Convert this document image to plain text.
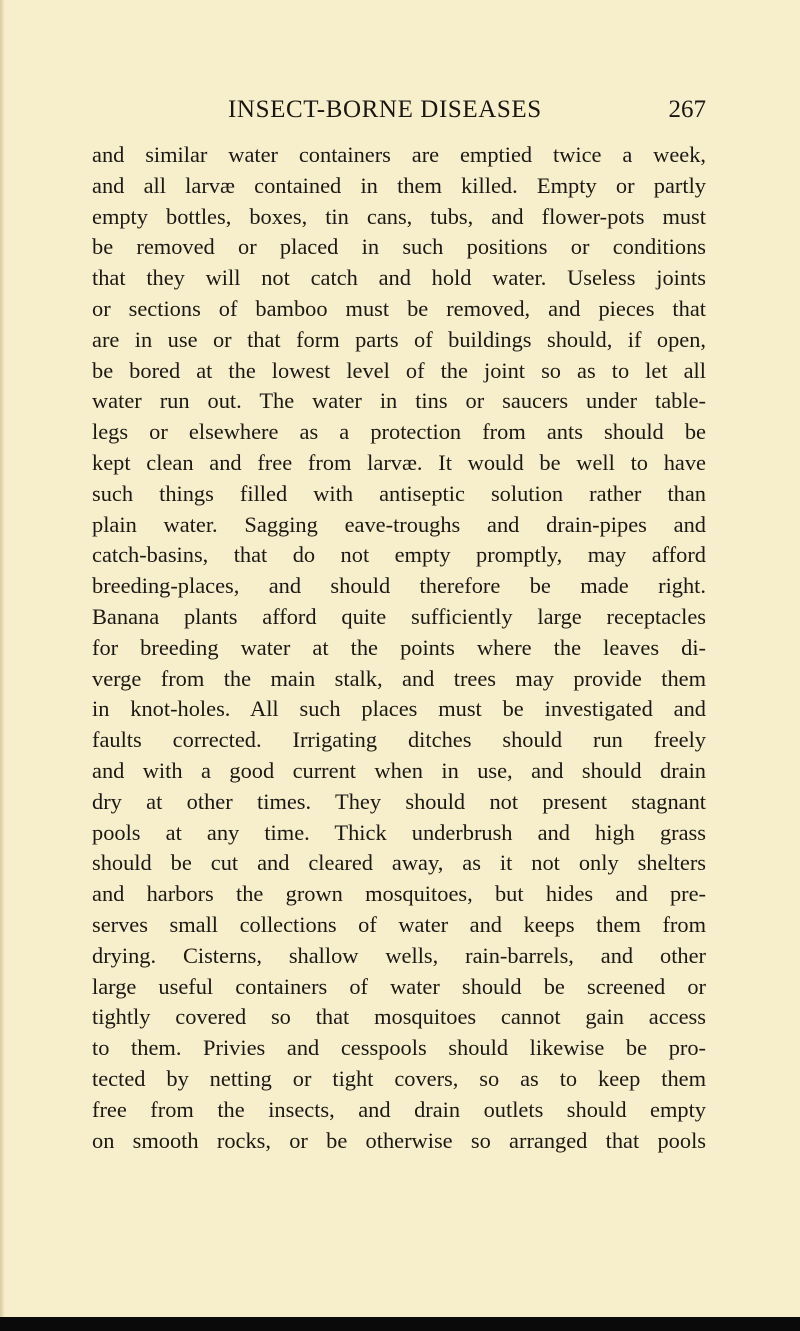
INSECT-BORNE DISEASES	267
and similar water containers are emptied twice a week,
and all larvæ contained in them killed. Empty or partly
empty bottles, boxes, tin cans, tubs, and flower-pots must
be removed or placed in such positions or conditions
that they will not catch and hold water. Useless joints
or sections of bamboo must be removed, and pieces that
are in use or that form parts of buildings should, if open,
be bored at the lowest level of the joint so as to let all
water run out. The water in tins or saucers under table-
legs or elsewhere as a protection from ants should be
kept clean and free from larvæ. It would be well to have
such things filled with antiseptic solution rather than
plain water. Sagging eave-troughs and drain-pipes and
catch-basins, that do not empty promptly, may afford
breeding-places, and should therefore be made right.
Banana plants afford quite sufficiently large receptacles
for breeding water at the points where the leaves di-
verge from the main stalk, and trees may provide them
in knot-holes. All such places must be investigated and
faults corrected. Irrigating ditches should run freely
and with a good current when in use, and should drain
dry at other times. They should not present stagnant
pools at any time. Thick underbrush and high grass
should be cut and cleared away, as it not only shelters
and harbors the grown mosquitoes, but hides and pre-
serves small collections of water and keeps them from
drying. Cisterns, shallow wells, rain-barrels, and other
large useful containers of water should be screened or
tightly covered so that mosquitoes cannot gain access
to them. Privies and cesspools should likewise be pro-
tected by netting or tight covers, so as to keep them
free from the insects, and drain outlets should empty
on smooth rocks, or be otherwise so arranged that pools
